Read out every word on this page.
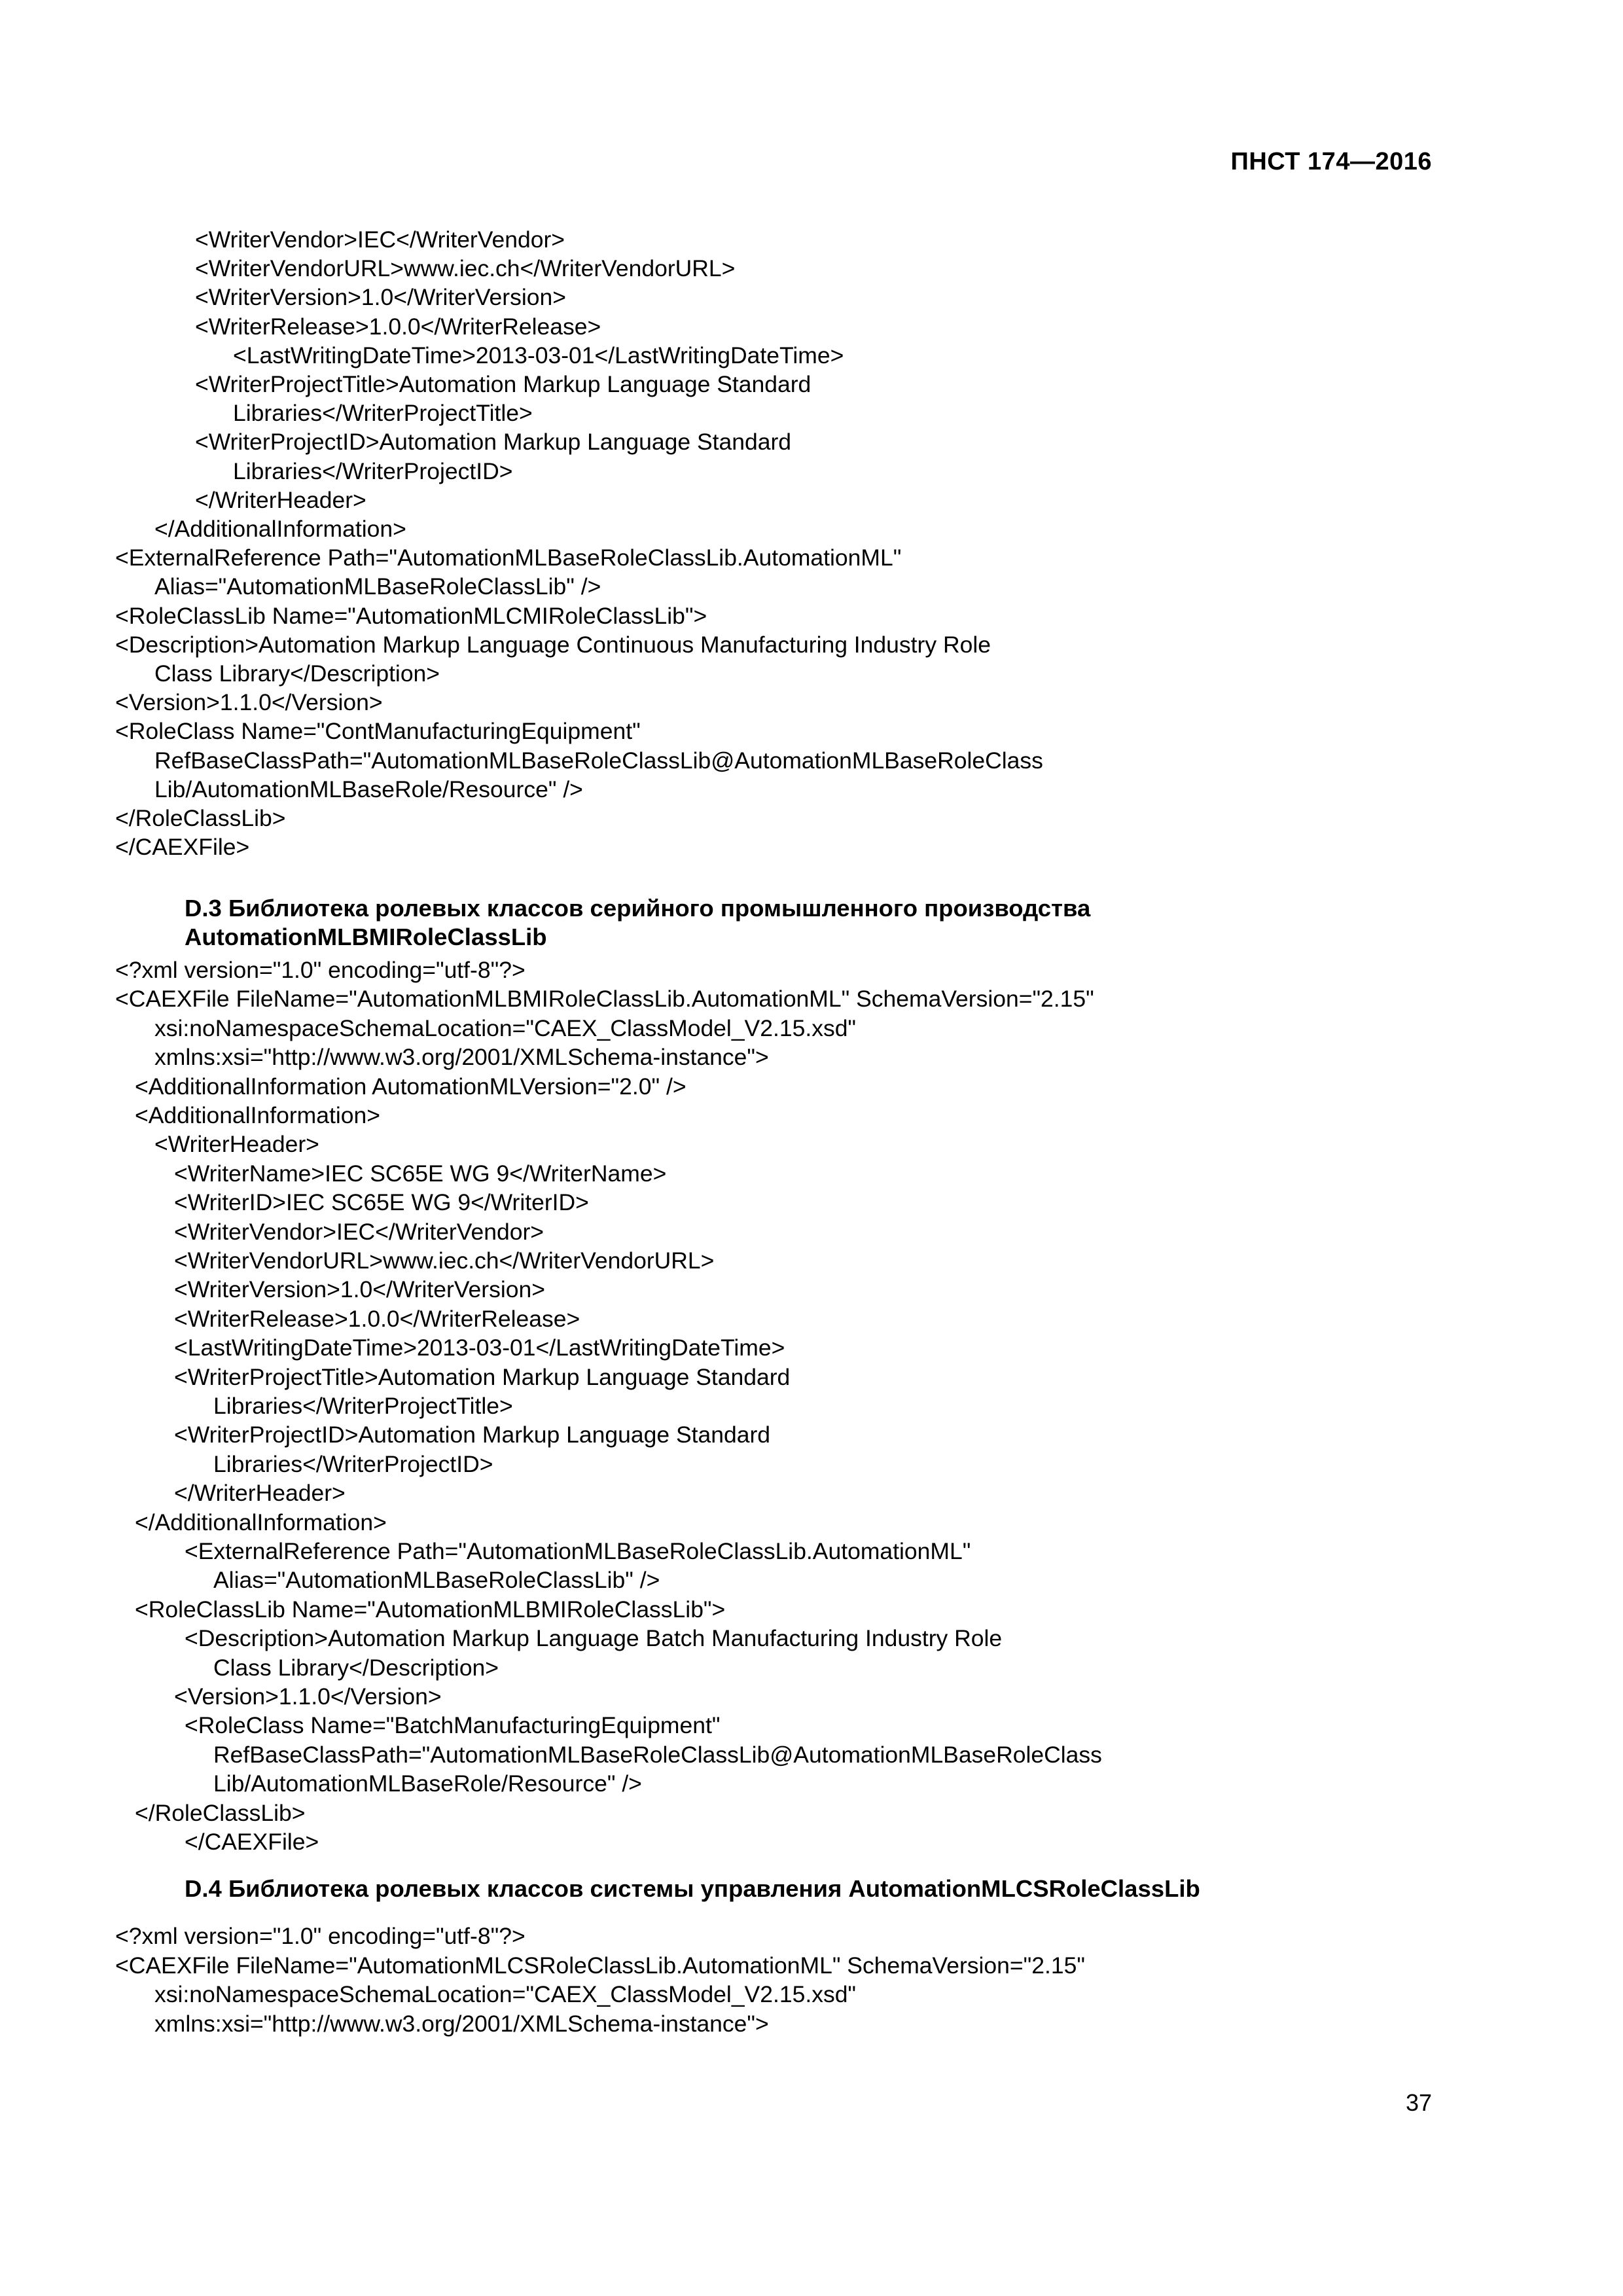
ПНСТ 174—2016
<WriterVendor>IEC</WriterVendor>
<WriterVendorURL>www.iec.ch</WriterVendorURL>
<WriterVersion>1.0</WriterVersion>
<WriterRelease>1.0.0</WriterRelease>
<LastWritingDateTime>2013-03-01</LastWritingDateTime>
<WriterProjectTitle>Automation Markup Language Standard
Libraries</WriterProjectTitle>
<WriterProjectID>Automation Markup Language Standard
Libraries</WriterProjectID>
</WriterHeader>
</AdditionalInformation>
<ExternalReference Path="AutomationMLBaseRoleClassLib.AutomationML"
Alias="AutomationMLBaseRoleClassLib" />
<RoleClassLib Name="AutomationMLCMIRoleClassLib">
<Description>Automation Markup Language Continuous Manufacturing Industry Role
Class Library</Description>
<Version>1.1.0</Version>
<RoleClass Name="ContManufacturingEquipment"
RefBaseClassPath="AutomationMLBaseRoleClassLib@AutomationMLBaseRoleClass
Lib/AutomationMLBaseRole/Resource" />
</RoleClassLib>
</CAEXFile>
<?xml version="1.0" encoding="utf-8"?>
<CAEXFile FileName="AutomationMLBMIRoleClassLib.AutomationML" SchemaVersion="2.15"
xsi:noNamespaceSchemaLocation="CAEX_ClassModel_V2.15.xsd"
xmlns:xsi="http://www.w3.org/2001/XMLSchema-instance">
<AdditionalInformation AutomationMLVersion="2.0" />
<AdditionalInformation>
<WriterHeader>
<WriterName>IEC SC65E WG 9</WriterName>
<WriterID>IEC SC65E WG 9</WriterID>
<WriterVendor>IEC</WriterVendor>
<WriterVendorURL>www.iec.ch</WriterVendorURL>
<WriterVersion>1.0</WriterVersion>
<WriterRelease>1.0.0</WriterRelease>
<LastWritingDateTime>2013-03-01</LastWritingDateTime>
<WriterProjectTitle>Automation Markup Language Standard
Libraries</WriterProjectTitle>
<WriterProjectID>Automation Markup Language Standard
Libraries</WriterProjectID>
</WriterHeader>
</AdditionalInformation>
<ExternalReference Path="AutomationMLBaseRoleClassLib.AutomationML"
Alias="AutomationMLBaseRoleClassLib" />
<RoleClassLib Name="AutomationMLBMIRoleClassLib">
<Description>Automation Markup Language Batch Manufacturing Industry Role
Class Library</Description>
<Version>1.1.0</Version>
<RoleClass Name="BatchManufacturingEquipment"
RefBaseClassPath="AutomationMLBaseRoleClassLib@AutomationMLBaseRoleClass
Lib/AutomationMLBaseRole/Resource" />
</RoleClassLib>
</CAEXFile>
<?xml version="1.0" encoding="utf-8"?>
<CAEXFile FileName="AutomationMLCSRoleClassLib.AutomationML" SchemaVersion="2.15"
xsi:noNamespaceSchemaLocation="CAEX_ClassModel_V2.15.xsd"
xmlns:xsi="http://www.w3.org/2001/XMLSchema-instance">
D.3 Библиотека ролевых классов серийного промышленного производства
AutomationMLBMIRoleClassLib
D.4 Библиотека ролевых классов системы управления AutomationMLCSRoleClassLib
37
